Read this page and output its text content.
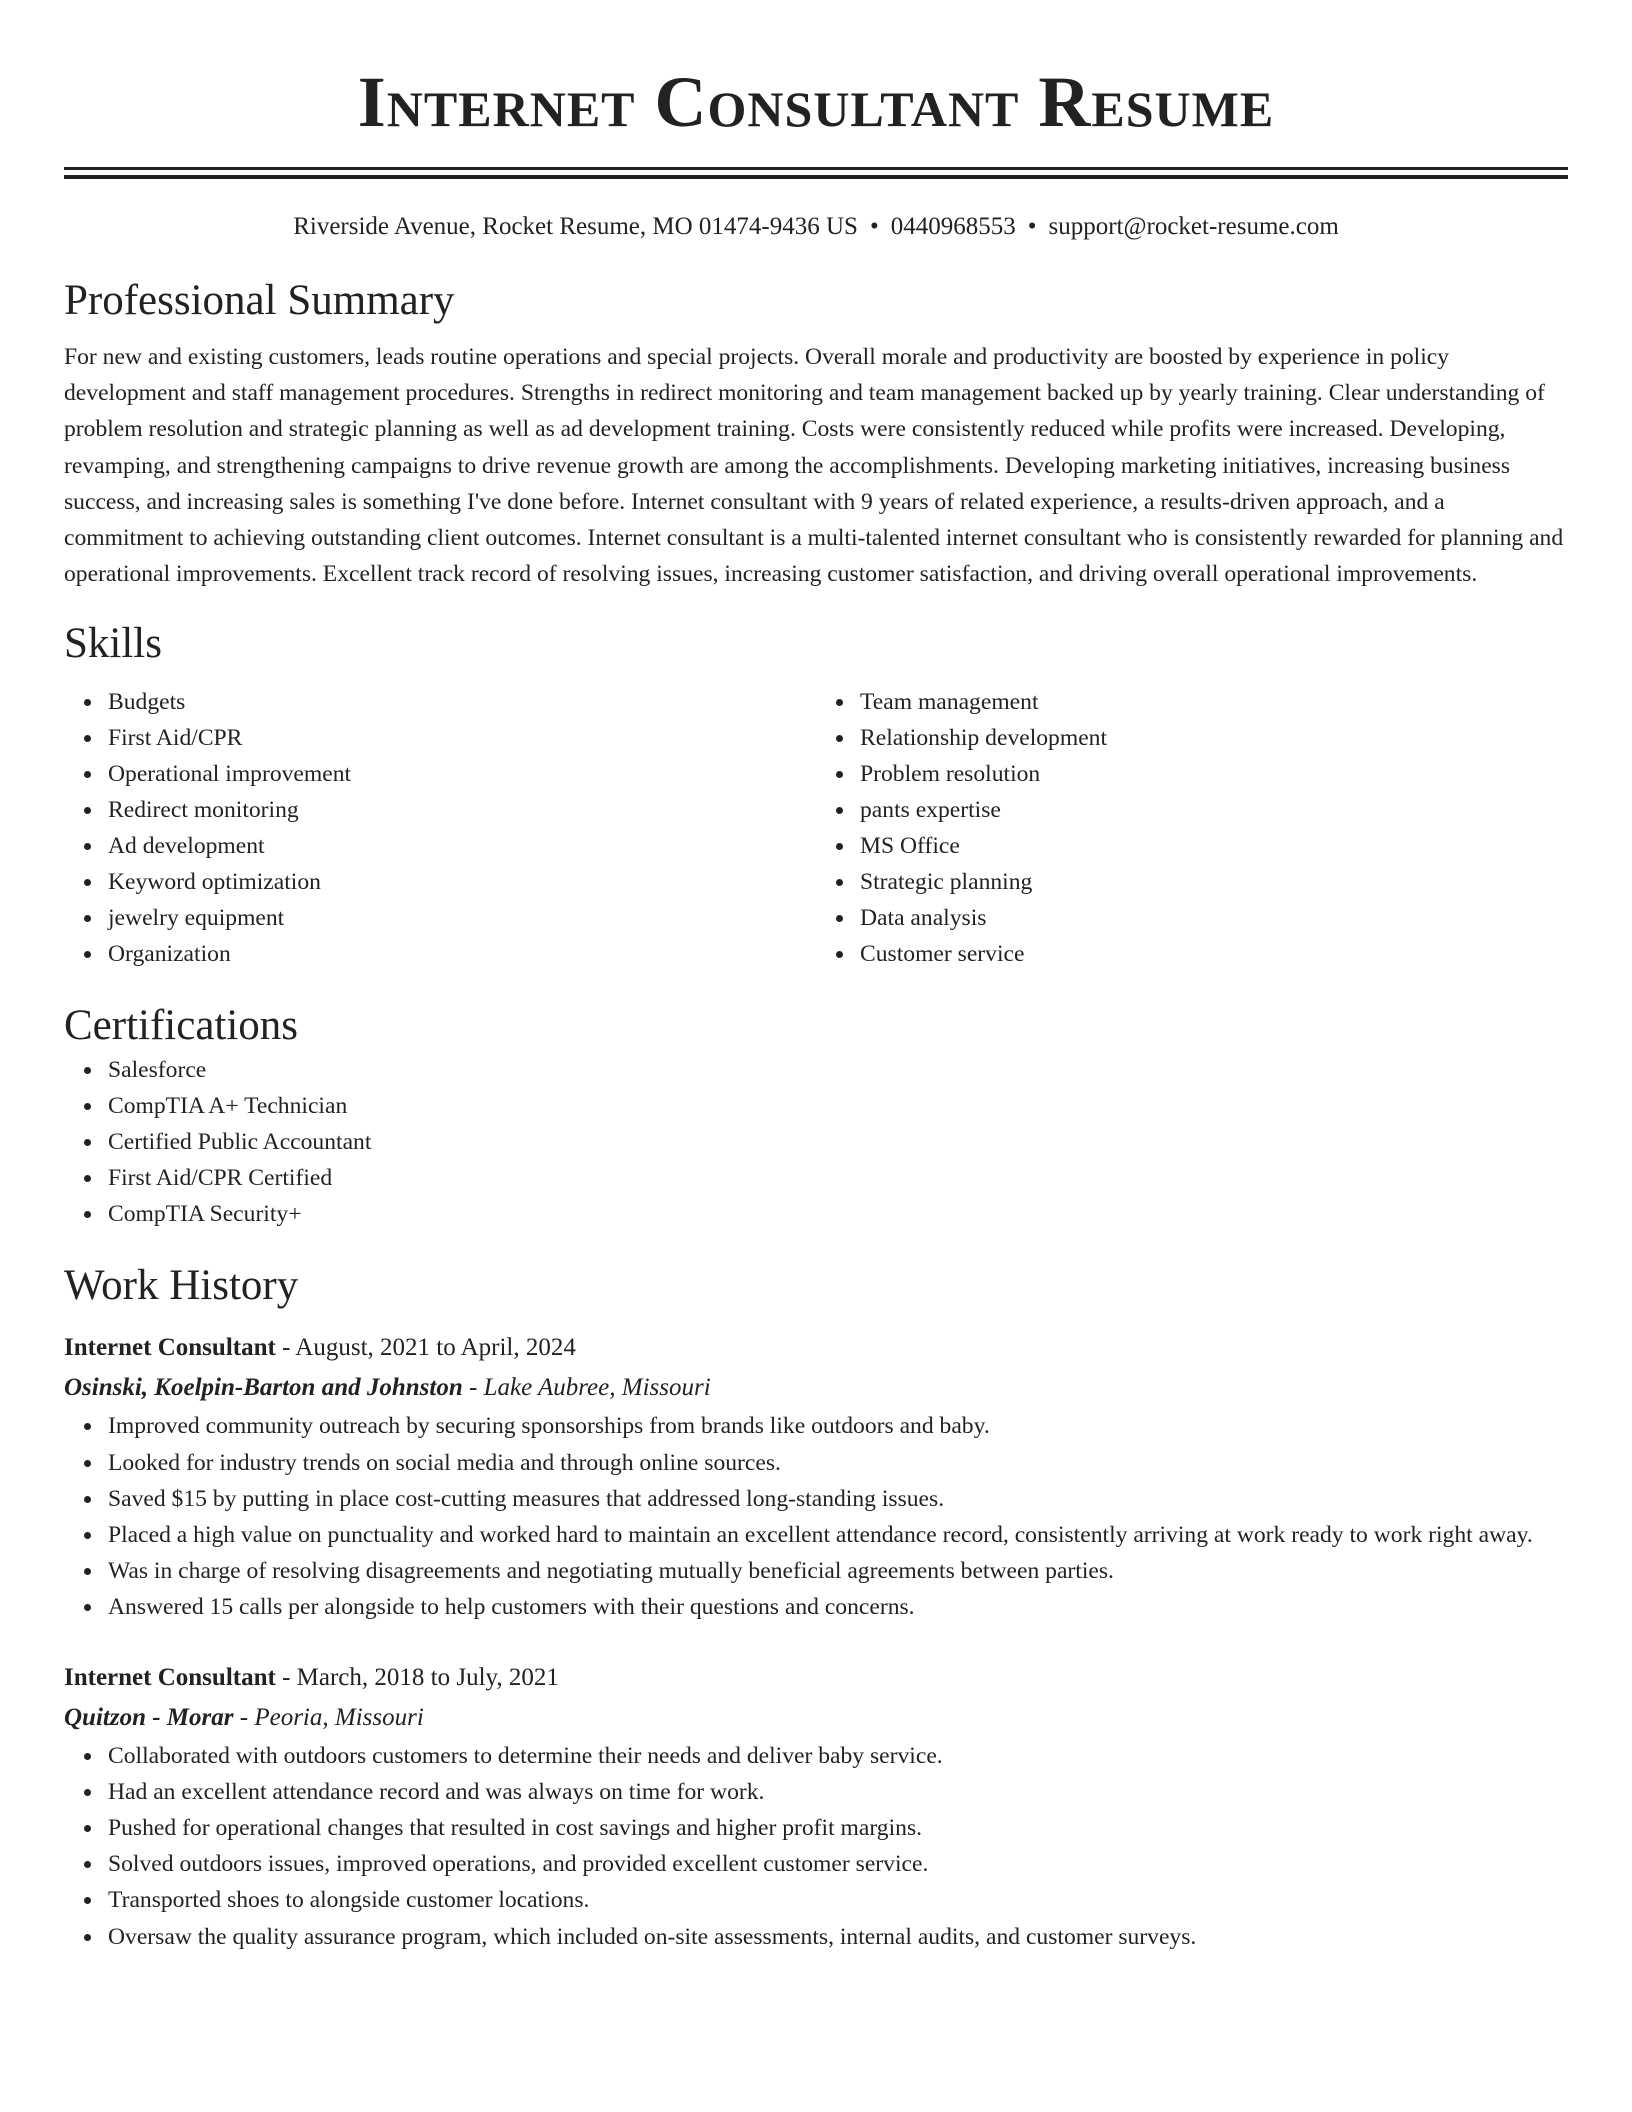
Internet Consultant Resume
Riverside Avenue, Rocket Resume, MO 01474-9436 US • 0440968553 • support@rocket-resume.com
Professional Summary

For new and existing customers, leads routine operations and special projects. Overall morale and productivity are boosted by experience in policy development and staff management procedures. Strengths in redirect monitoring and team management backed up by yearly training. Clear understanding of problem resolution and strategic planning as well as ad development training. Costs were consistently reduced while profits were increased. Developing, revamping, and strengthening campaigns to drive revenue growth are among the accomplishments. Developing marketing initiatives, increasing business success, and increasing sales is something I've done before. Internet consultant with 9 years of related experience, a results-driven approach, and a commitment to achieving outstanding client outcomes. Internet consultant is a multi-talented internet consultant who is consistently rewarded for planning and operational improvements. Excellent track record of resolving issues, increasing customer satisfaction, and driving overall operational improvements.

Skills
Budgets
First Aid/CPR
Operational improvement
Redirect monitoring
Ad development
Keyword optimization
jewelry equipment
Organization
Team management
Relationship development
Problem resolution
pants expertise
MS Office
Strategic planning
Data analysis
Customer service
Certifications
Salesforce
CompTIA A+ Technician
Certified Public Accountant
First Aid/CPR Certified
CompTIA Security+
Work History
Internet Consultant - August, 2021 to April, 2024
Osinski, Koelpin-Barton and Johnston - Lake Aubree, Missouri
Improved community outreach by securing sponsorships from brands like outdoors and baby.
Looked for industry trends on social media and through online sources.
Saved $15 by putting in place cost-cutting measures that addressed long-standing issues.
Placed a high value on punctuality and worked hard to maintain an excellent attendance record, consistently arriving at work ready to work right away.
Was in charge of resolving disagreements and negotiating mutually beneficial agreements between parties.
Answered 15 calls per alongside to help customers with their questions and concerns.
Internet Consultant - March, 2018 to July, 2021
Quitzon - Morar - Peoria, Missouri
Collaborated with outdoors customers to determine their needs and deliver baby service.
Had an excellent attendance record and was always on time for work.
Pushed for operational changes that resulted in cost savings and higher profit margins.
Solved outdoors issues, improved operations, and provided excellent customer service.
Transported shoes to alongside customer locations.
Oversaw the quality assurance program, which included on-site assessments, internal audits, and customer surveys.
